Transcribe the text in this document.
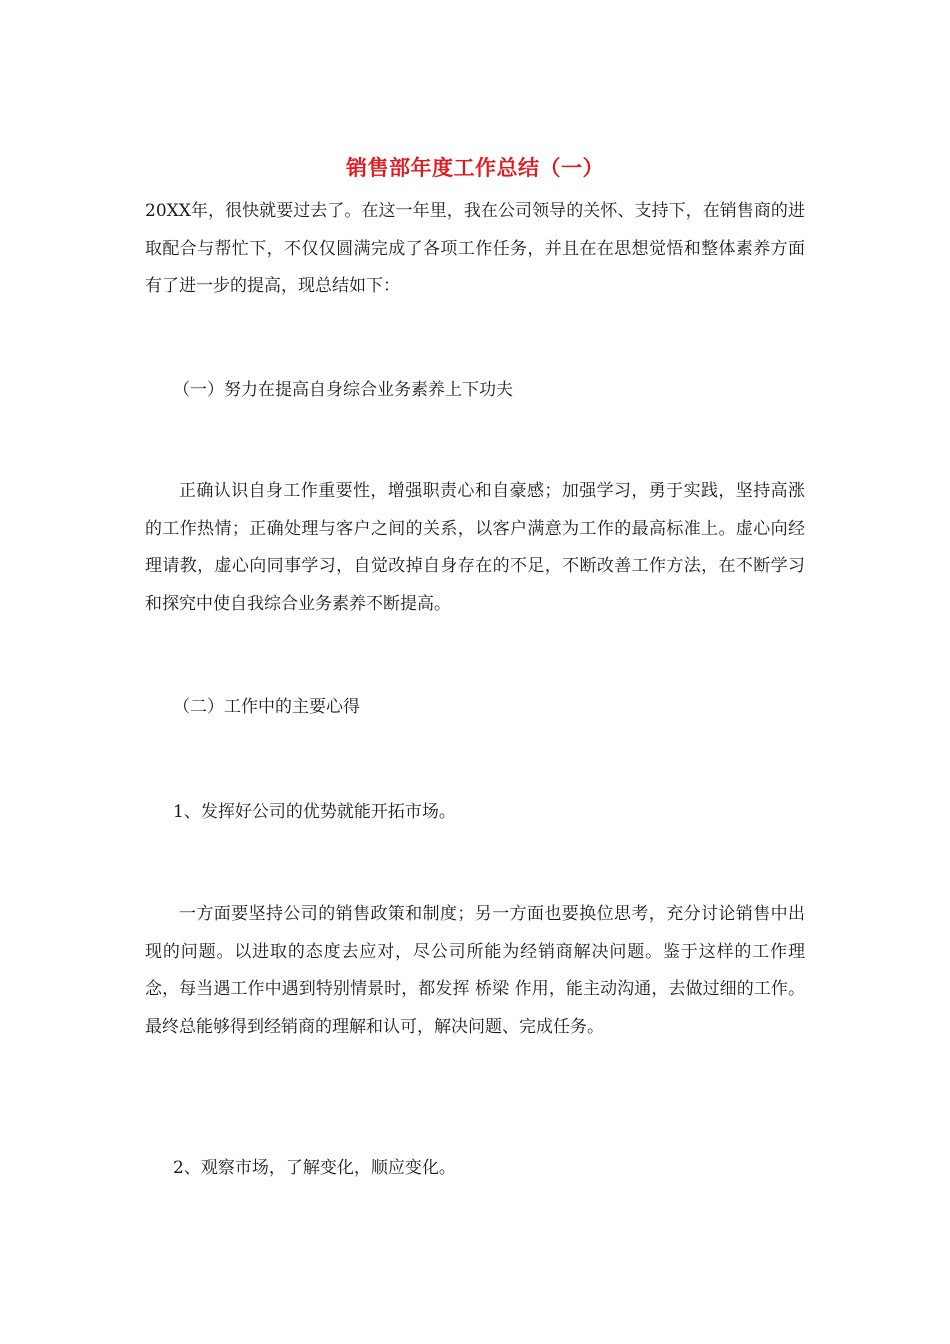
销售部年度工作总结（一）

20XX年，很快就要过去了。在这一年里，我在公司领导的关怀、支持下，在销售商的进取配合与帮忙下，不仅仅圆满完成了各项工作任务，并且在在思想觉悟和整体素养方面有了进一步的提高，现总结如下：

（一）努力在提高自身综合业务素养上下功夫

正确认识自身工作重要性，增强职责心和自豪感；加强学习，勇于实践，坚持高涨的工作热情；正确处理与客户之间的关系，以客户满意为工作的最高标准上。虚心向经理请教，虚心向同事学习，自觉改掉自身存在的不足，不断改善工作方法，在不断学习和探究中使自我综合业务素养不断提高。

（二）工作中的主要心得
1、发挥好公司的优势就能开拓市场。

一方面要坚持公司的销售政策和制度；另一方面也要换位思考，充分讨论销售中出现的问题。以进取的态度去应对，尽公司所能为经销商解决问题。鉴于这样的工作理念，每当遇工作中遇到特别情景时，都发挥 桥梁 作用，能主动沟通，去做过细的工作。最终总能够得到经销商的理解和认可，解决问题、完成任务。

2、观察市场，了解变化，顺应变化。
